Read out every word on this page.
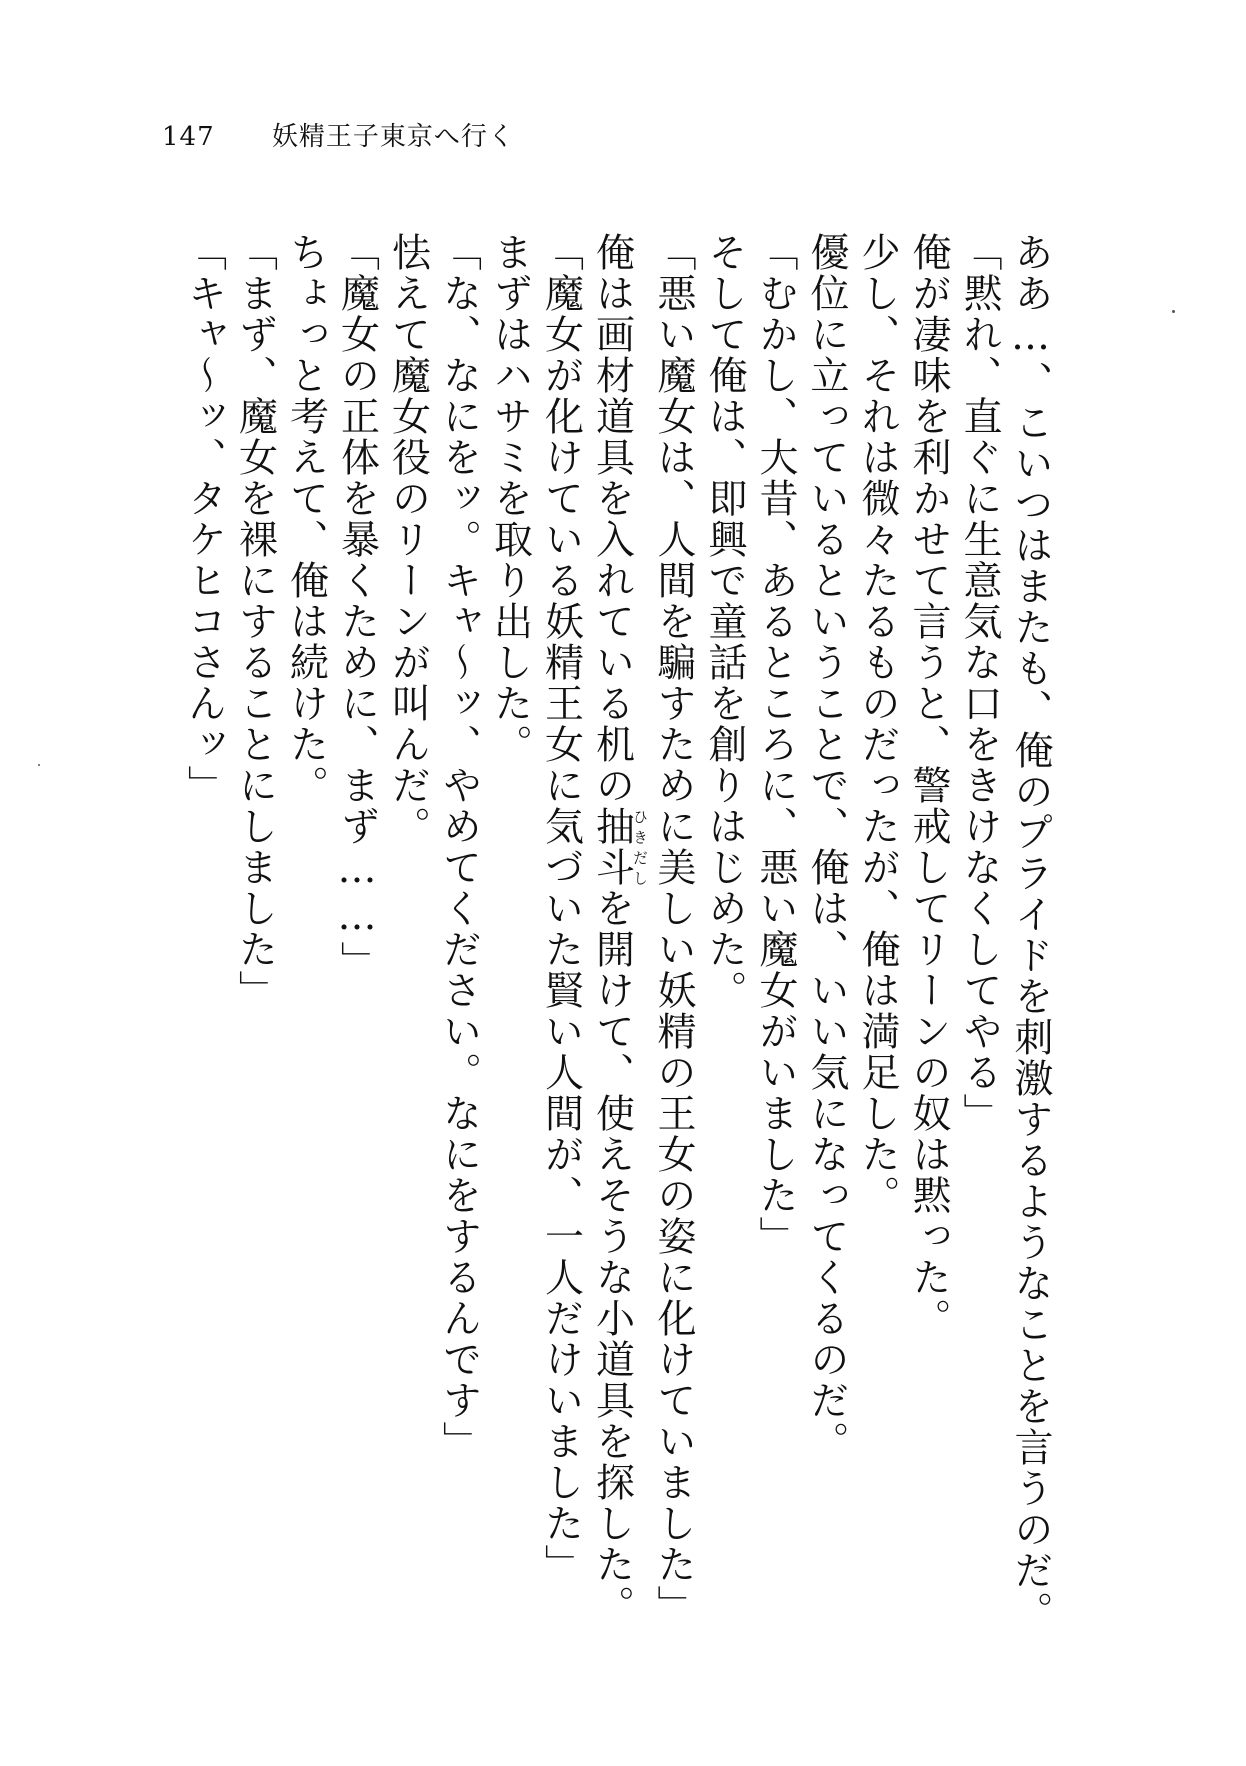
147 妖精王子東京へ行く

ああ…、こいつはまたも、俺のプライドを刺激するようなことを言うのだ。

「黙れ、直ぐに生意気な口をきけなくしてやる」

俺が凄味を利かせて言うと、警戒してリーンの奴は黙った。

少し、それは微々たるものだったが、俺は満足した。

優位に立っているということで、俺は、いい気になってくるのだ。

「むかし、大昔、あるところに、悪い魔女がいました」

そして俺は、即興で童話を創りはじめた。

「悪い魔女は、人間を騙すために美しい妖精の王女の姿に化けていました」

俺は画材道具を入れている机の抽斗ひきだしを開けて、使えそうな小道具を探した。

「魔女が化けている妖精王女に気づいた賢い人間が、一人だけいました」

まずはハサミを取り出した。

「な、なにをッ。キャ〜ッ、やめてください。なにをするんです」

怯えて魔女役のリーンが叫んだ。

「魔女の正体を暴くために、まず……」

ちょっと考えて、俺は続けた。

「まず、魔女を裸にすることにしました」

「キャ〜ッ、タケヒコさんッ」
